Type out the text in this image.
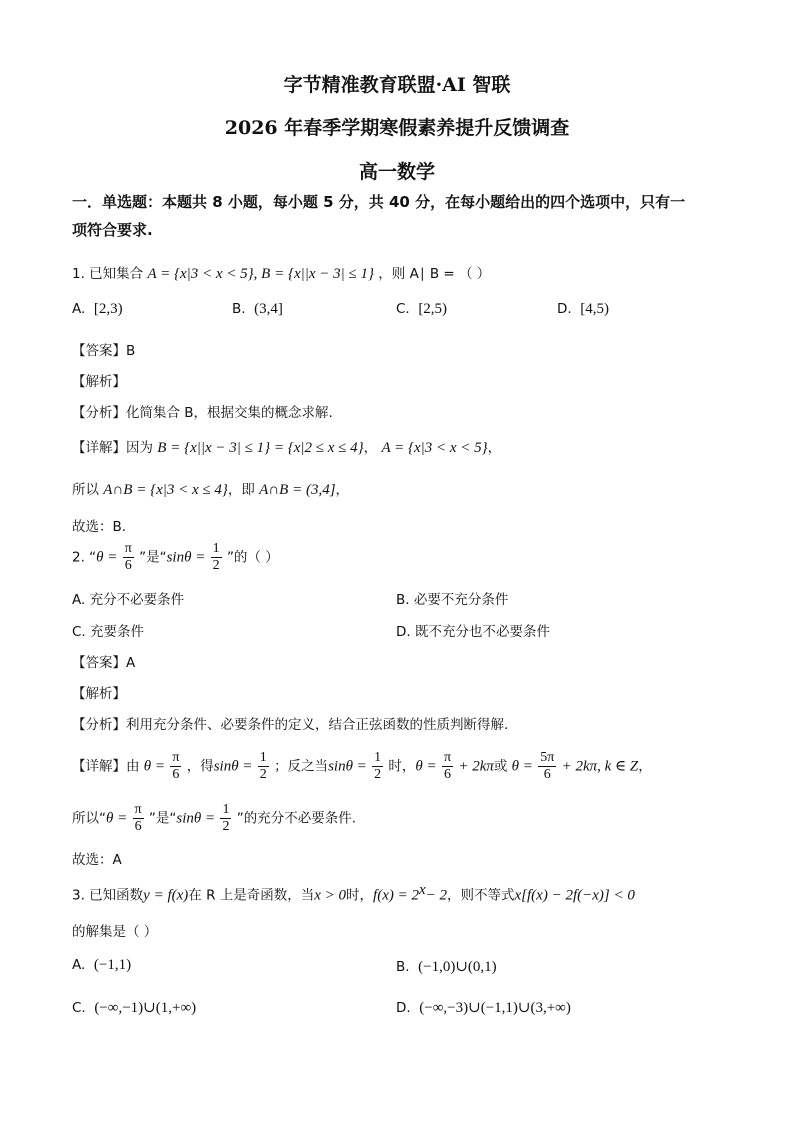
字节精准教育联盟·AI 智联
2026 年春季学期寒假素养提升反馈调查
高一数学
一．单选题：本题共 8 小题，每小题 5 分，共 40 分，在每小题给出的四个选项中，只有一
项符合要求.
1. 已知集合 A = {x|3 < x < 5}, B = {x||x − 3| ≤ 1} ，则 A∣ B = （ ）
A. [2,3)	B. (3,4]	C. [2,5)	D. [4,5)
【答案】B
【解析】
【分析】化简集合 B，根据交集的概念求解.
【详解】因为 B = {x||x − 3| ≤ 1} = {x|2 ≤ x ≤ 4}， A = {x|3 < x < 5}，
所以 A∩B = {x|3 < x ≤ 4}，即 A∩B = (3,4]，
故选：B.
2. “$\theta = \frac{\pi}{6}$ ”是“$\sin\theta = \frac{1}{2}$ ”的（ ）
A. 充分不必要条件	B. 必要不充分条件
C. 充要条件	D. 既不充分也不必要条件
【答案】A
【解析】
【分析】利用充分条件、必要条件的定义，结合正弦函数的性质判断得解.
【详解】由 $\theta = \frac{\pi}{6}$ ，得$\sin\theta = \frac{1}{2}$ ；反之当$\sin\theta = \frac{1}{2}$ 时，$\theta = \frac{\pi}{6} + 2k\pi$或 $\theta = \frac{5\pi}{6} + 2k\pi$, k ∈ Z，
所以“$\theta = \frac{\pi}{6}$ ”是“$\sin\theta = \frac{1}{2}$ ”的充分不必要条件.
故选：A
3. 已知函数y = f(x)在 R 上是奇函数，当x > 0时，$f(x) = 2^x- 2$，则不等式x[f(x) − 2f(−x)] < 0
的解集是（ ）
A. (−1,1)	B. (−1,0)∪(0,1)
C. (−∞,−1)∪(1,+∞)	D. (−∞,−3)∪(−1,1)∪(3,+∞)
